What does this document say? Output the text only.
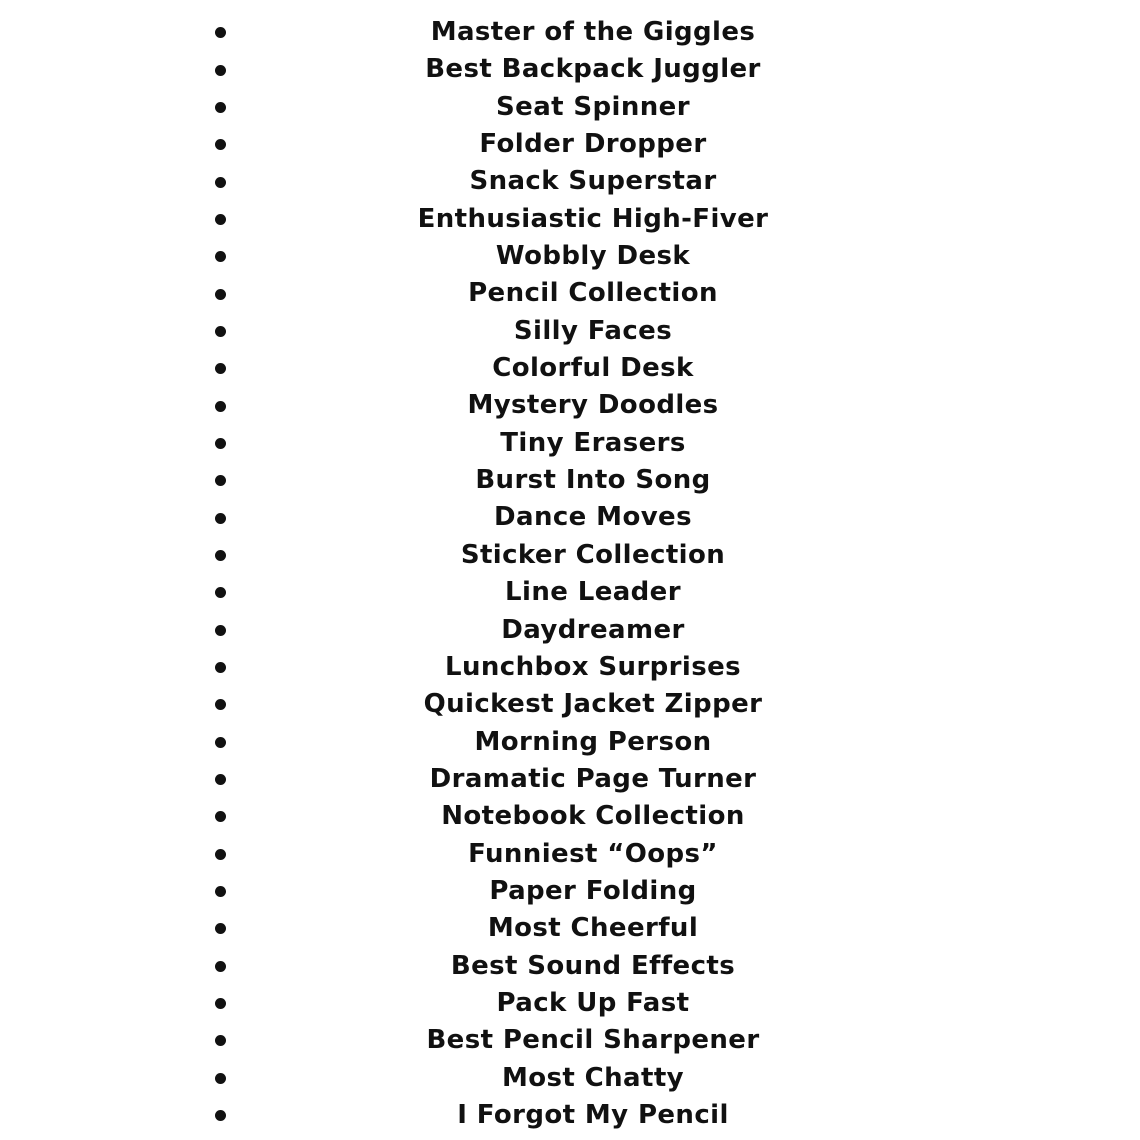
Master of the Giggles
Best Backpack Juggler
Seat Spinner
Folder Dropper
Snack Superstar
Enthusiastic High-Fiver
Wobbly Desk
Pencil Collection
Silly Faces
Colorful Desk
Mystery Doodles
Tiny Erasers
Burst Into Song
Dance Moves
Sticker Collection
Line Leader
Daydreamer
Lunchbox Surprises
Quickest Jacket Zipper
Morning Person
Dramatic Page Turner
Notebook Collection
Funniest “Oops”
Paper Folding
Most Cheerful
Best Sound Effects
Pack Up Fast
Best Pencil Sharpener
Most Chatty
I Forgot My Pencil
